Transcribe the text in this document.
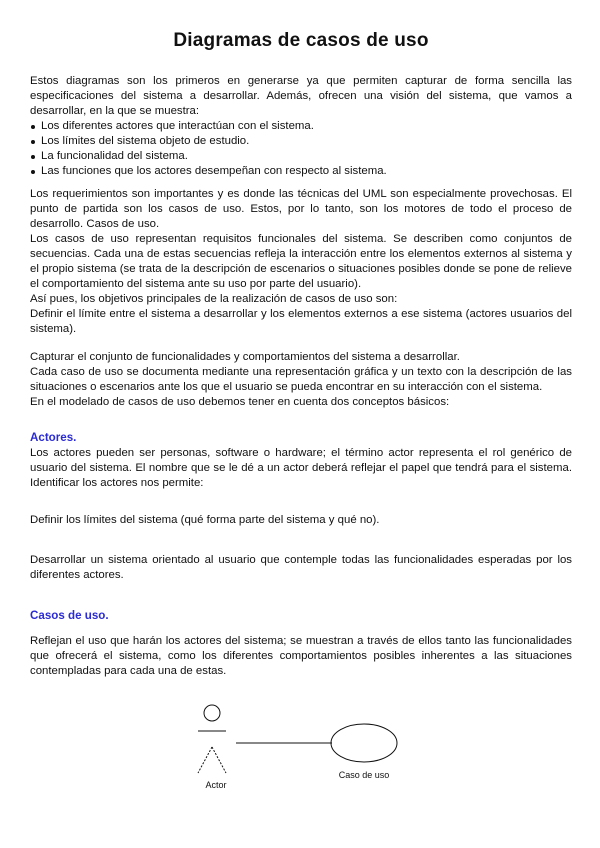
Diagramas de casos de uso

Estos diagramas son los primeros en generarse ya que permiten capturar de forma sencilla las especificaciones del sistema a desarrollar. Además, ofrecen una visión del sistema, que vamos a desarrollar, en la que se muestra:

Los diferentes actores que interactúan con el sistema.
Los límites del sistema objeto de estudio.
La funcionalidad del sistema.
Las funciones que los actores desempeñan con respecto al sistema.

Los requerimientos son importantes y es donde las técnicas del UML son especialmente provechosas. El punto de partida son los casos de uso. Estos, por lo tanto, son los motores de todo el proceso de desarrollo. Casos de uso.

Los casos de uso representan requisitos funcionales del sistema. Se describen como conjuntos de secuencias. Cada una de estas secuencias refleja la interacción entre los elementos externos al sistema y el propio sistema (se trata de la descripción de escenarios o situaciones posibles donde se pone de relieve el comportamiento del sistema ante su uso por parte del usuario).

Así pues, los objetivos principales de la realización de casos de uso son:

Definir el límite entre el sistema a desarrollar y los elementos externos a ese sistema (actores usuarios del sistema).

Capturar el conjunto de funcionalidades y comportamientos del sistema a desarrollar.

Cada caso de uso se documenta mediante una representación gráfica y un texto con la descripción de las situaciones o escenarios ante los que el usuario se pueda encontrar en su interacción con el sistema.

En el modelado de casos de uso debemos tener en cuenta dos conceptos básicos:

Actores.

Los actores pueden ser personas, software o hardware; el término actor representa el rol genérico de usuario del sistema. El nombre que se le dé a un actor deberá reflejar el papel que tendrá para el sistema. Identificar los actores nos permite:

Definir los límites del sistema (qué forma parte del sistema y qué no).

Desarrollar un sistema orientado al usuario que contemple todas las funcionalidades esperadas por los diferentes actores.

Casos de uso.

Reflejan el uso que harán los actores del sistema; se muestran a través de ellos tanto las funcionalidades que ofrecerá el sistema, como los diferentes comportamientos posibles inherentes a las situaciones contempladas para cada una de estas.

Actor
Caso de uso
